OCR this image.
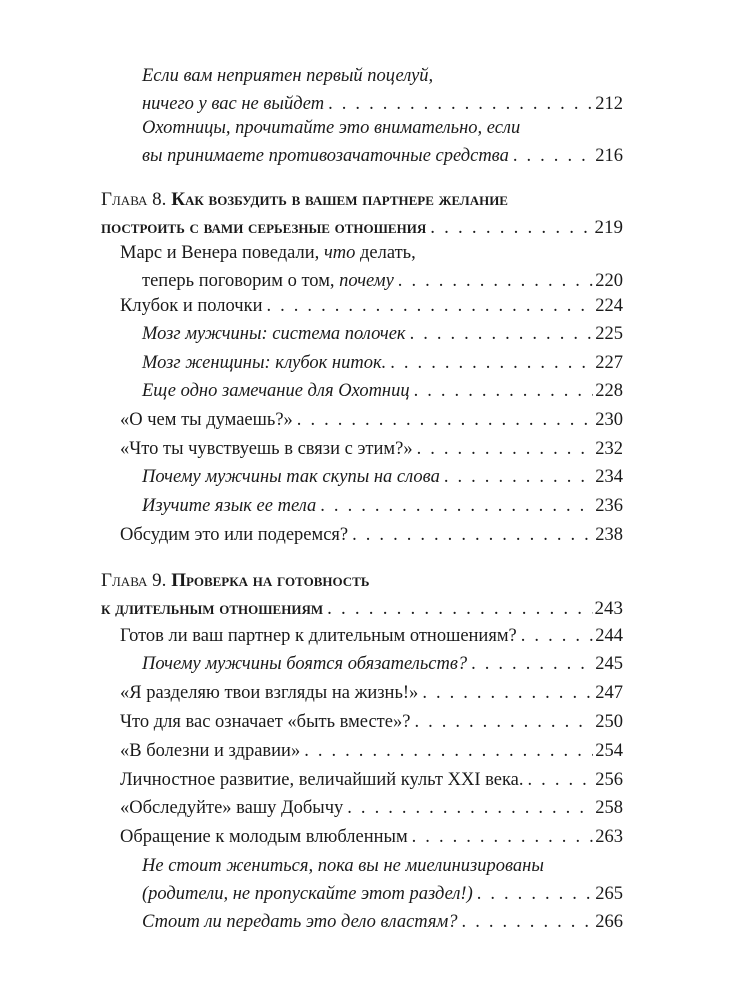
Если вам неприятен первый поцелуй,
ничего у вас не выйдет . . .	212
Охотницы, прочитайте это внимательно, если
вы принимаете противозачаточные средства . . .	216
Глава 8. Как возбудить в вашем партнере желание
построить с вами серьезные отношения . . .	219
Марс и Венера поведали, что делать,
теперь поговорим о том, почему . . .	220
Клубок и полочки . . .	224
Мозг мужчины: система полочек . . .	225
Мозг женщины: клубок ниток. . . .	227
Еще одно замечание для Охотниц . . .	228
«О чем ты думаешь?» . . .	230
«Что ты чувствуешь в связи с этим?» . . .	232
Почему мужчины так скупы на слова . . .	234
Изучите язык ее тела . . .	236
Обсудим это или подеремся? . . .	238
Глава 9. Проверка на готовность
к длительным отношениям . . .	243
Готов ли ваш партнер к длительным отношениям? . . .	244
Почему мужчины боятся обязательств? . . .	245
«Я разделяю твои взгляды на жизнь!» . . .	247
Что для вас означает «быть вместе»? . . .	250
«В болезни и здравии» . . .	254
Личностное развитие, величайший культ XXI века. . . .	256
«Обследуйте» вашу Добычу . . .	258
Обращение к молодым влюбленным . . .	263
Не стоит жениться, пока вы не миелинизированы
(родители, не пропускайте этот раздел!) . . .	265
Стоит ли передать это дело властям? . . .	266
